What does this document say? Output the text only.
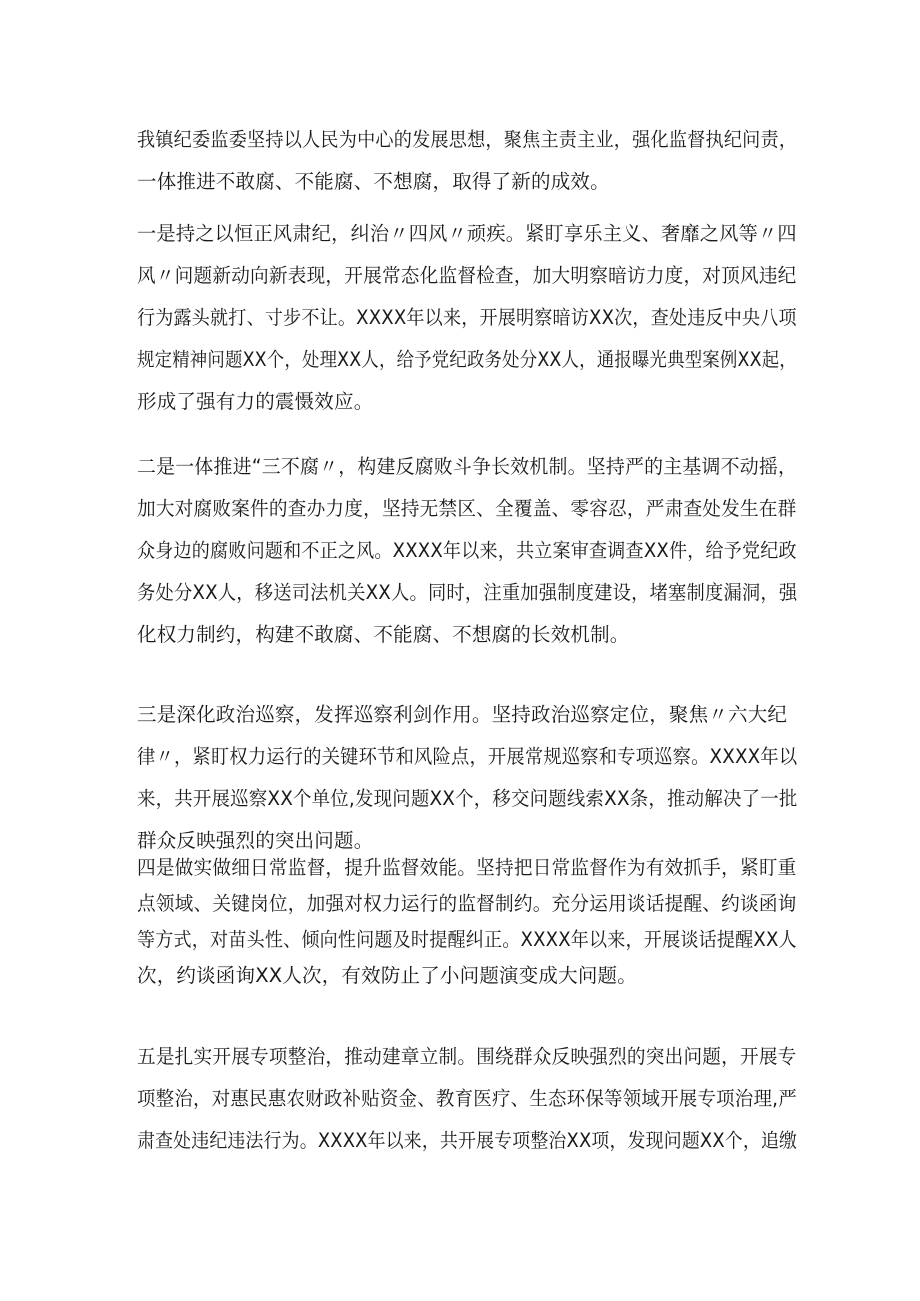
我镇纪委监委坚持以人民为中心的发展思想，聚焦主责主业，强化监督执纪问责，
一体推进不敢腐、不能腐、不想腐，取得了新的成效。
一是持之以恒正风肃纪，纠治〃四风〃顽疾。紧盯享乐主义、奢靡之风等〃四
风〃问题新动向新表现，开展常态化监督检查，加大明察暗访力度，对顶风违纪
行为露头就打、寸步不让。XXXX年以来，开展明察暗访XX次，查处违反中央八项
规定精神问题XX个，处理XX人，给予党纪政务处分XX人，通报曝光典型案例XX起，
形成了强有力的震慑效应。
二是一体推进“三不腐〃，构建反腐败斗争长效机制。坚持严的主基调不动摇，
加大对腐败案件的查办力度，坚持无禁区、全覆盖、零容忍，严肃查处发生在群
众身边的腐败问题和不正之风。XXXX年以来，共立案审查调查XX件，给予党纪政
务处分XX人，移送司法机关XX人。同时，注重加强制度建设，堵塞制度漏洞，强
化权力制约，构建不敢腐、不能腐、不想腐的长效机制。
三是深化政治巡察，发挥巡察利剑作用。坚持政治巡察定位，聚焦〃六大纪
律〃，紧盯权力运行的关键环节和风险点，开展常规巡察和专项巡察。XXXX年以
来，共开展巡察XX个单位,发现问题XX个，移交问题线索XX条，推动解决了一批
群众反映强烈的突出问题。
四是做实做细日常监督，提升监督效能。坚持把日常监督作为有效抓手，紧盯重
点领域、关键岗位，加强对权力运行的监督制约。充分运用谈话提醒、约谈函询
等方式，对苗头性、倾向性问题及时提醒纠正。XXXX年以来，开展谈话提醒XX人
次，约谈函询XX人次，有效防止了小问题演变成大问题。
五是扎实开展专项整治，推动建章立制。围绕群众反映强烈的突出问题，开展专
项整治，对惠民惠农财政补贴资金、教育医疗、生态环保等领域开展专项治理,严
肃查处违纪违法行为。XXXX年以来，共开展专项整治XX项，发现问题XX个，追缴
